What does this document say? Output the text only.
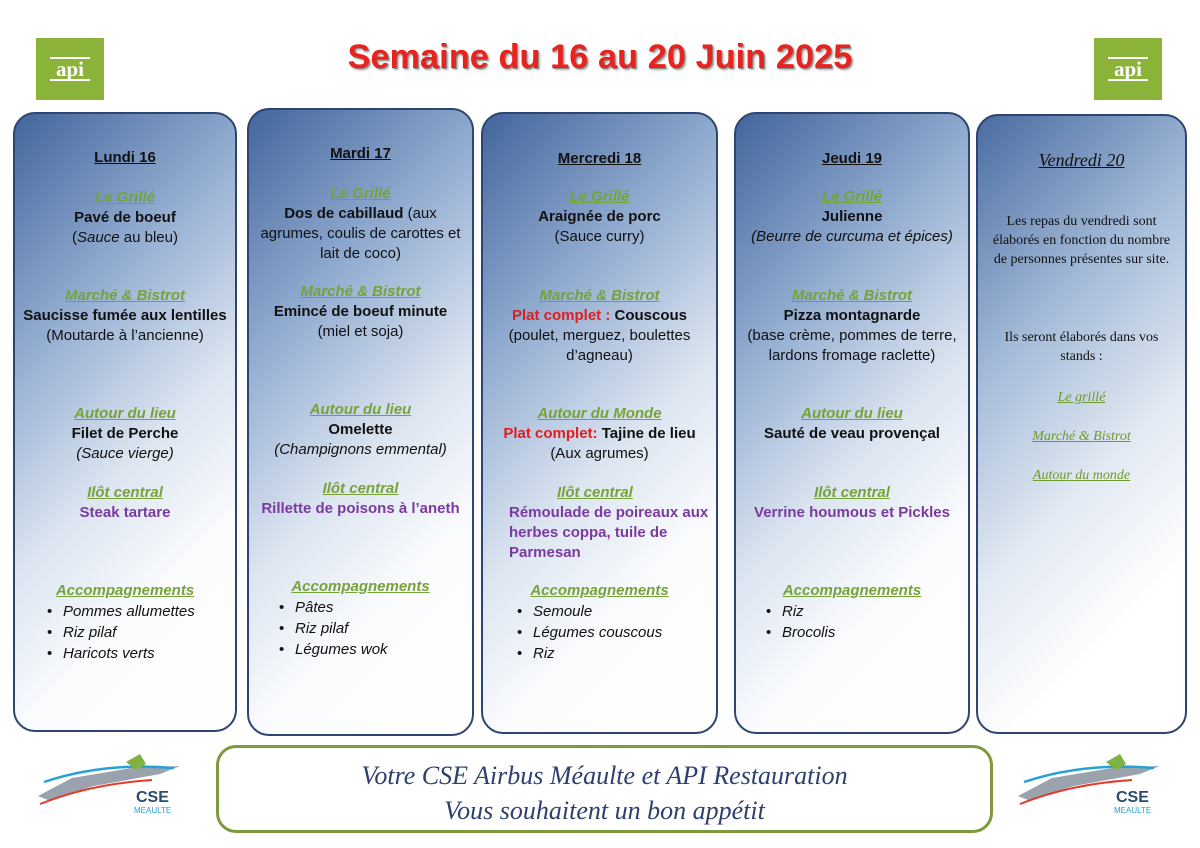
Semaine du 16 au 20 Juin 2025
api	api
Lundi 16
Le Grillé
Pavé de boeuf
(Sauce au bleu)
Marché & Bistrot
Saucisse fumée aux lentilles
(Moutarde à l’ancienne)
Autour du lieu
Filet de Perche
(Sauce vierge)
Ilôt central
Steak tartare
Accompagnements
• Pommes allumettes
• Riz pilaf
• Haricots verts
Mardi 17
Le Grillé
Dos de cabillaud (aux agrumes, coulis de carottes et lait de coco)
Marché & Bistrot
Emincé de boeuf minute
(miel et soja)
Autour du lieu
Omelette
(Champignons emmental)
Ilôt central
Rillette de poisons à l’aneth
Accompagnements
• Pâtes
• Riz pilaf
• Légumes wok
Mercredi 18
Le Grillé
Araignée de porc
(Sauce curry)
Marché & Bistrot
Plat complet : Couscous
(poulet, merguez, boulettes d’agneau)
Autour du Monde
Plat complet: Tajine de lieu
(Aux agrumes)
Ilôt central
Rémoulade de poireaux aux herbes coppa, tuile de Parmesan
Accompagnements
• Semoule
• Légumes couscous
• Riz
Jeudi 19
Le Grillé
Julienne
(Beurre de curcuma et épices)
Marché & Bistrot
Pizza montagnarde
(base crème, pommes de terre, lardons fromage raclette)
Autour du lieu
Sauté de veau provençal
Ilôt central
Verrine houmous et Pickles
Accompagnements
• Riz
• Brocolis
Vendredi 20
Les repas du vendredi sont élaborés en fonction du nombre de personnes présentes sur site.
Ils seront élaborés dans vos stands :
Le grillé
Marché & Bistrot
Autour du monde
Votre CSE Airbus Méaulte et API Restauration
Vous souhaitent un bon appétit
CSE
MEAULTE
CSE
MEAULTE
